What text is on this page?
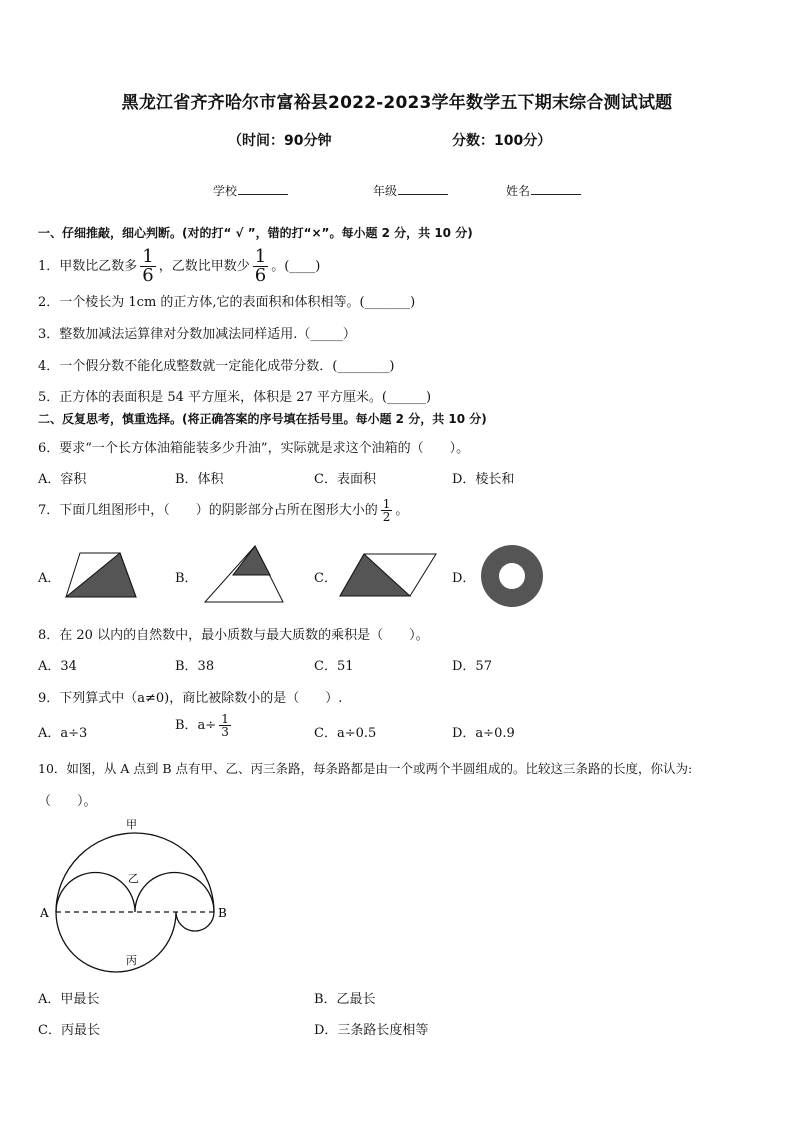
黑龙江省齐齐哈尔市富裕县2022-2023学年数学五下期末综合测试试题
（时间：90分钟	分数：100分）
学校	年级	姓名
一、仔细推敲，细心判断。(对的打“ √ ”，错的打“×”。每小题 2 分，共 10 分)
1．甲数比乙数多 $\frac{1}{6}$ ，乙数比甲数少 $\frac{1}{6}$ 。(____)
2．一个棱长为 1cm 的正方体,它的表面积和体积相等。(_______)
3．整数加减法运算律对分数加减法同样适用.（_____）
4．一个假分数不能化成整数就一定能化成带分数．(________)
5．正方体的表面积是 54 平方厘米，体积是 27 平方厘米。(______)
二、反复思考，慎重选择。(将正确答案的序号填在括号里。每小题 2 分，共 10 分)
6．要求“一个长方体油箱能装多少升油”，实际就是求这个油箱的（　　）。
A．容积	B．体积	C．表面积	D．棱长和
7．下面几组图形中，（　　）的阴影部分占所在图形大小的 $\frac{1}{2}$ 。
A．	B．	C．	D．
8．在 20 以内的自然数中，最小质数与最大质数的乘积是（　　）。
A．34	B．38	C．51	D．57
9．下列算式中（a≠0)，商比被除数小的是（　　）.
A．a÷3
B．$a\div \frac{1}{3}$	C．a÷0.5	D．a÷0.9
10．如图，从 A 点到 B 点有甲、乙、丙三条路，每条路都是由一个或两个半圆组成的。比较这三条路的长度，你认为:
（　　）。
甲
乙
丙
A	B
A．甲最长	B．乙最长
C．丙最长	D．三条路长度相等
